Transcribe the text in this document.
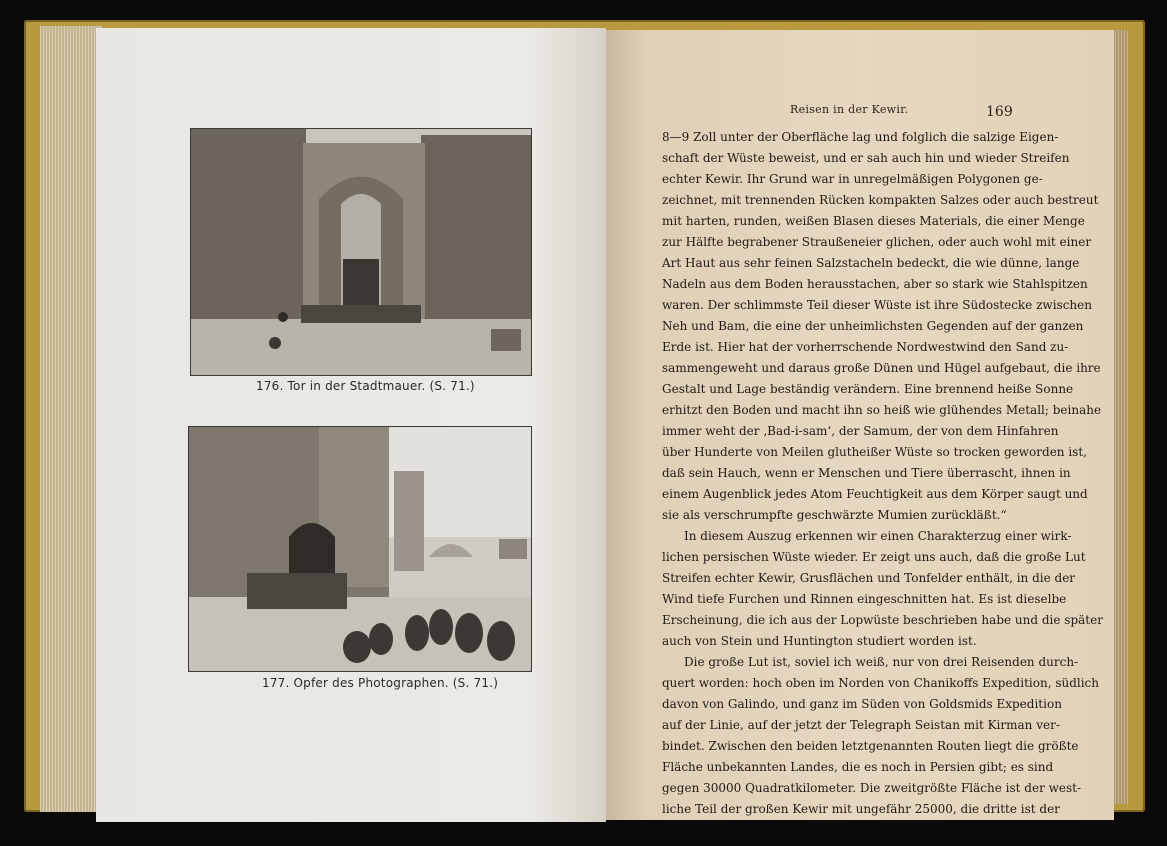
176. Tor in der Stadtmauer. (S. 71.)
177. Opfer des Photographen. (S. 71.)
Reisen in der Kewir.	169
8—9 Zoll unter der Oberfläche lag und folglich die salzige Eigen-
schaft der Wüste beweist, und er sah auch hin und wieder Streifen
echter Kewir. Ihr Grund war in unregelmäßigen Polygonen ge-
zeichnet, mit trennenden Rücken kompakten Salzes oder auch bestreut
mit harten, runden, weißen Blasen dieses Materials, die einer Menge
zur Hälfte begrabener Straußeneier glichen, oder auch wohl mit einer
Art Haut aus sehr feinen Salzstacheln bedeckt, die wie dünne, lange
Nadeln aus dem Boden herausstachen, aber so stark wie Stahlspitzen
waren. Der schlimmste Teil dieser Wüste ist ihre Südostecke zwischen
Neh und Bam, die eine der unheimlichsten Gegenden auf der ganzen
Erde ist. Hier hat der vorherrschende Nordwestwind den Sand zu-
sammengeweht und daraus große Dünen und Hügel aufgebaut, die ihre
Gestalt und Lage beständig verändern. Eine brennend heiße Sonne
erhitzt den Boden und macht ihn so heiß wie glühendes Metall; beinahe
immer weht der ‚Bad-i-sam‘, der Samum, der von dem Hinfahren
über Hunderte von Meilen glutheißer Wüste so trocken geworden ist,
daß sein Hauch, wenn er Menschen und Tiere überrascht, ihnen in
einem Augenblick jedes Atom Feuchtigkeit aus dem Körper saugt und
sie als verschrumpfte geschwärzte Mumien zurückläßt.“
In diesem Auszug erkennen wir einen Charakterzug einer wirk-
lichen persischen Wüste wieder. Er zeigt uns auch, daß die große Lut
Streifen echter Kewir, Grusflächen und Tonfelder enthält, in die der
Wind tiefe Furchen und Rinnen eingeschnitten hat. Es ist dieselbe
Erscheinung, die ich aus der Lopwüste beschrieben habe und die später
auch von Stein und Huntington studiert worden ist.
Die große Lut ist, soviel ich weiß, nur von drei Reisenden durch-
quert worden: hoch oben im Norden von Chanikoffs Expedition, südlich
davon von Galindo, und ganz im Süden von Goldsmids Expedition
auf der Linie, auf der jetzt der Telegraph Seistan mit Kirman ver-
bindet. Zwischen den beiden letztgenannten Routen liegt die größte
Fläche unbekannten Landes, die es noch in Persien gibt; es sind
gegen 30000 Quadratkilometer. Die zweitgrößte Fläche ist der west-
liche Teil der großen Kewir mit ungefähr 25000, die dritte ist der
